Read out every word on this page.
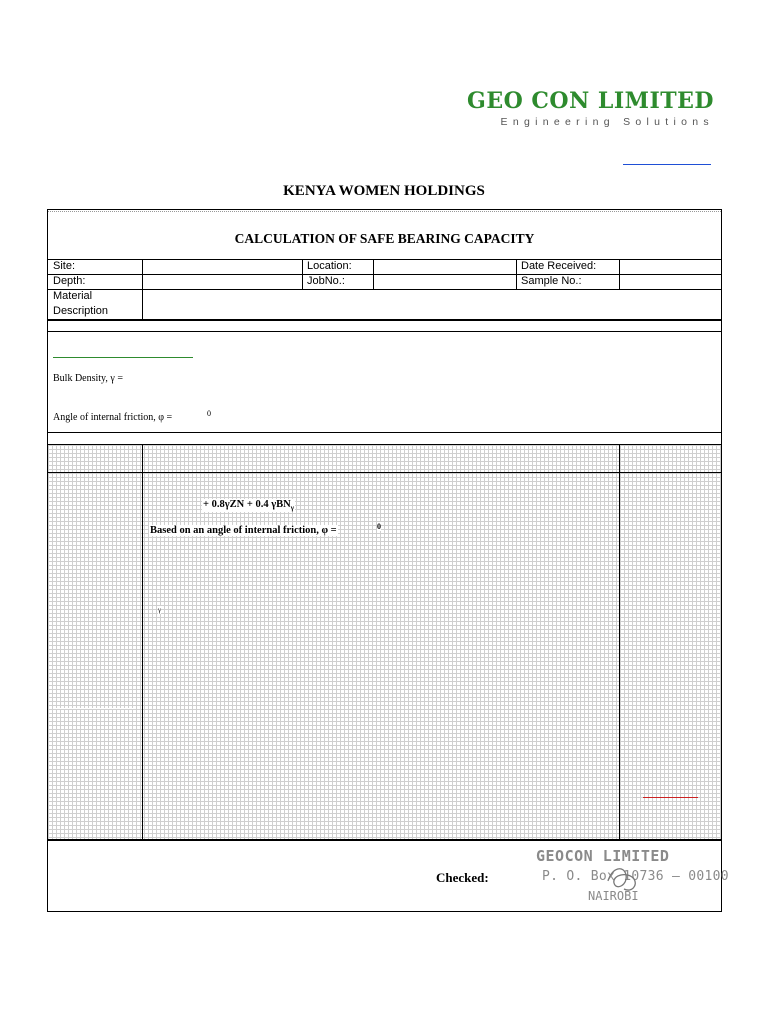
GEO CON LIMITED
Engineering Solutions
KENYA WOMEN HOLDINGS
CALCULATION OF SAFE BEARING CAPACITY
Site:	Location:	Date Received:
Depth:	JobNo.:	Sample No.:
Material
Description
Bulk Density, γ =
Angle of internal friction, φ =	0
+ 0.8γZN + 0.4 γBN$_\gamma$
Based on an angle of internal friction, φ =	0
γ
Checked:
GEOCON LIMITED
P. O. Box 1​0736 – 00100
NAIROBI
